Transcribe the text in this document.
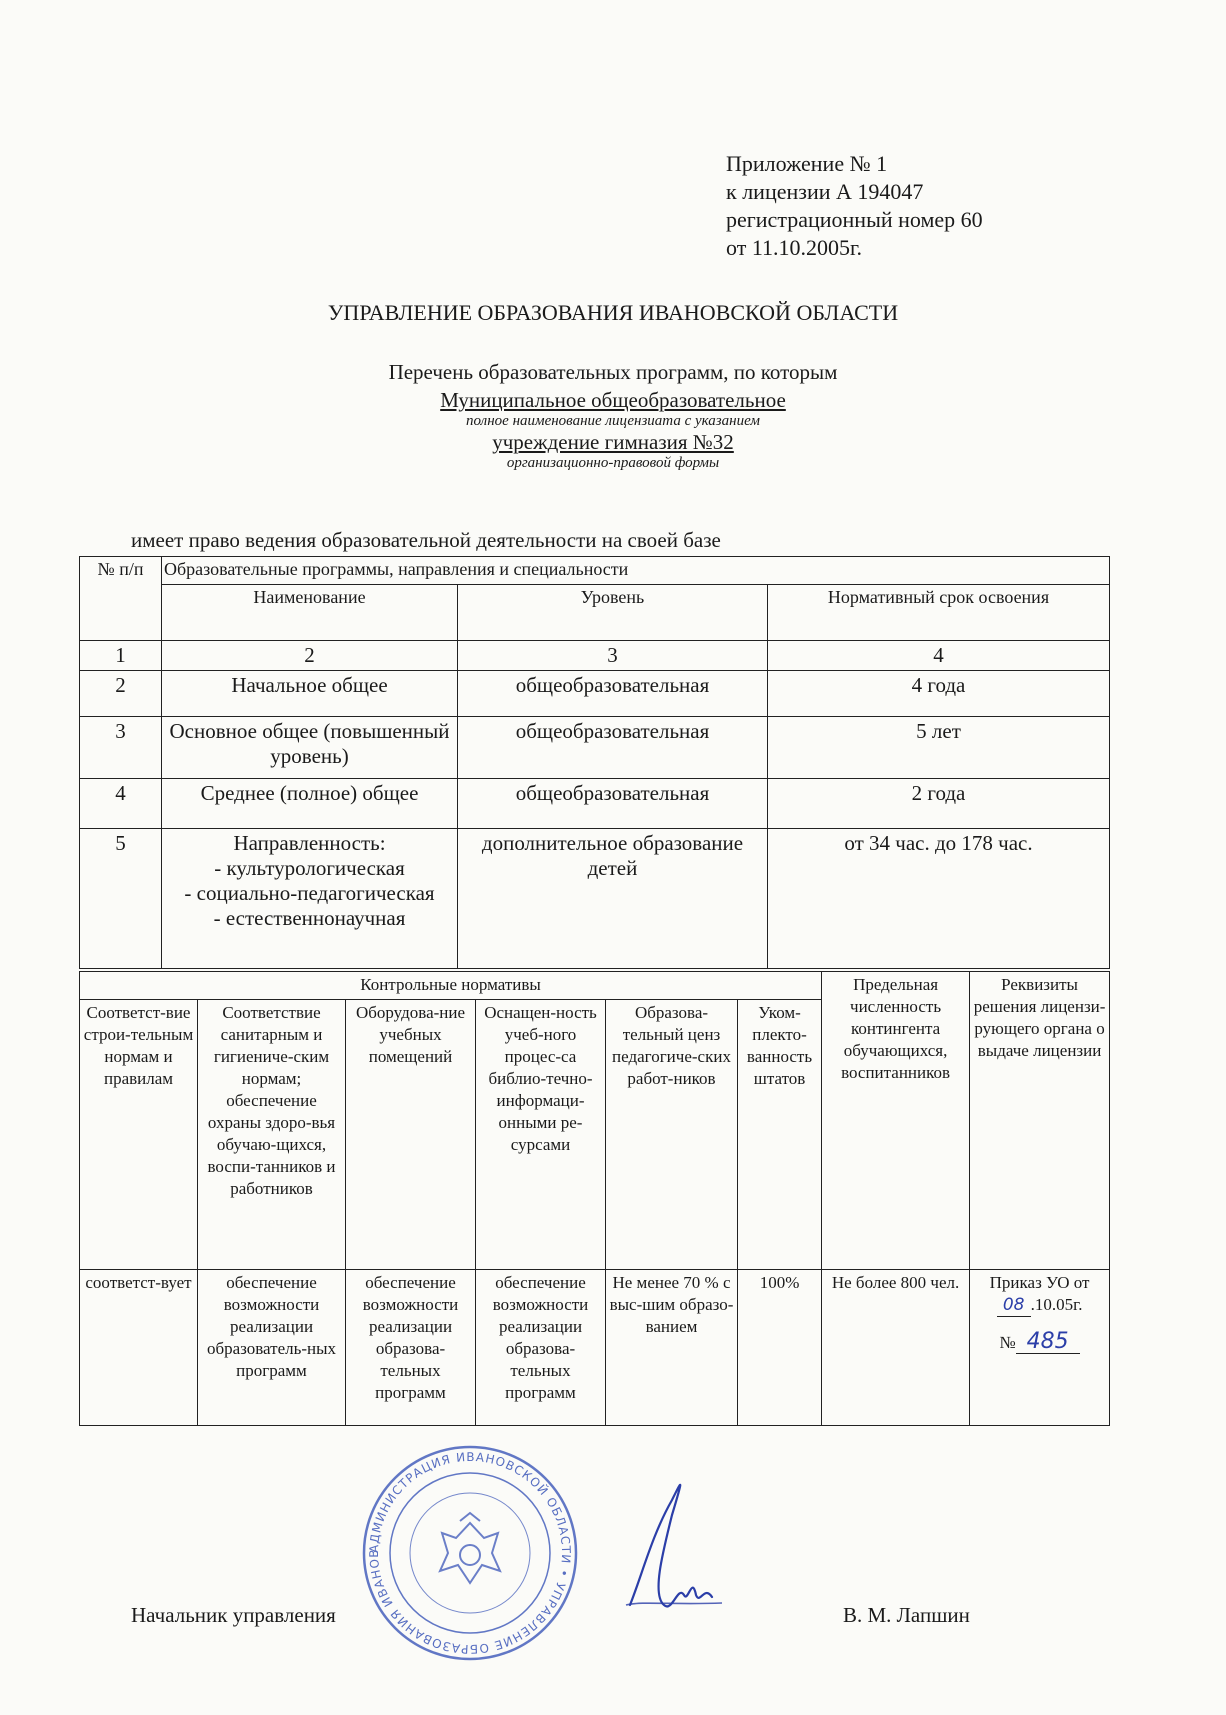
Приложение № 1
к лицензии А 194047
регистрационный номер 60
от 11.10.2005г.
УПРАВЛЕНИЕ ОБРАЗОВАНИЯ ИВАНОВСКОЙ ОБЛАСТИ
Перечень образовательных программ, по которым
Муниципальное общеобразовательное
полное наименование лицензиата с указанием
учреждение гимназия №32
организационно-правовой формы
имеет право ведения образовательной деятельности на своей базе
№ п/п	Образовательные программы, направления и специальности		
	Наименование	Уровень	Нормативный срок освоения
1	2	3	4
2	Начальное общее	общеобразовательная	4 года
3	Основное общее (повышенный уровень)	общеобразовательная	5 лет
4	Среднее (полное) общее	общеобразовательная	2 года
5	Направленность:
- культурологическая
- социально-педагогическая
- естественнонаучная	дополнительное образование детей	от 34 час. до 178 час.
Контрольные нормативы						Предельная численность контингента обучающихся, воспитанников	Реквизиты решения лицензи-рующего органа о выдаче лицензии
Соответст-вие строи-тельным нормам и правилам	Соответствие санитарным и гигиениче-ским нормам; обеспечение охраны здоро-вья обучаю-щихся, воспи-танников и работников	Оборудова-ние учебных помещений	Оснащен-ность учеб-ного процес-са библио-течно-информаци-онными ре-сурсами	Образова-тельный ценз педагогиче-ских работ-ников	Уком-плекто-ванность штатов		
соответст-вует	обеспечение возможности реализации образователь-ных программ	обеспечение возможности реализации образова-тельных программ	обеспечение возможности реализации образова-тельных программ	Не менее 70 % с выс-шим образо-ванием	100%	Не более 800 чел.	Приказ УО от
08 .10.05г.
№ 485
АДМИНИСТРАЦИЯ ИВАНОВСКОЙ ОБЛАСТИ • УПРАВЛЕНИЕ ОБРАЗОВАНИЯ ИВАНОВ
Начальник управления	В. М. Лапшин
